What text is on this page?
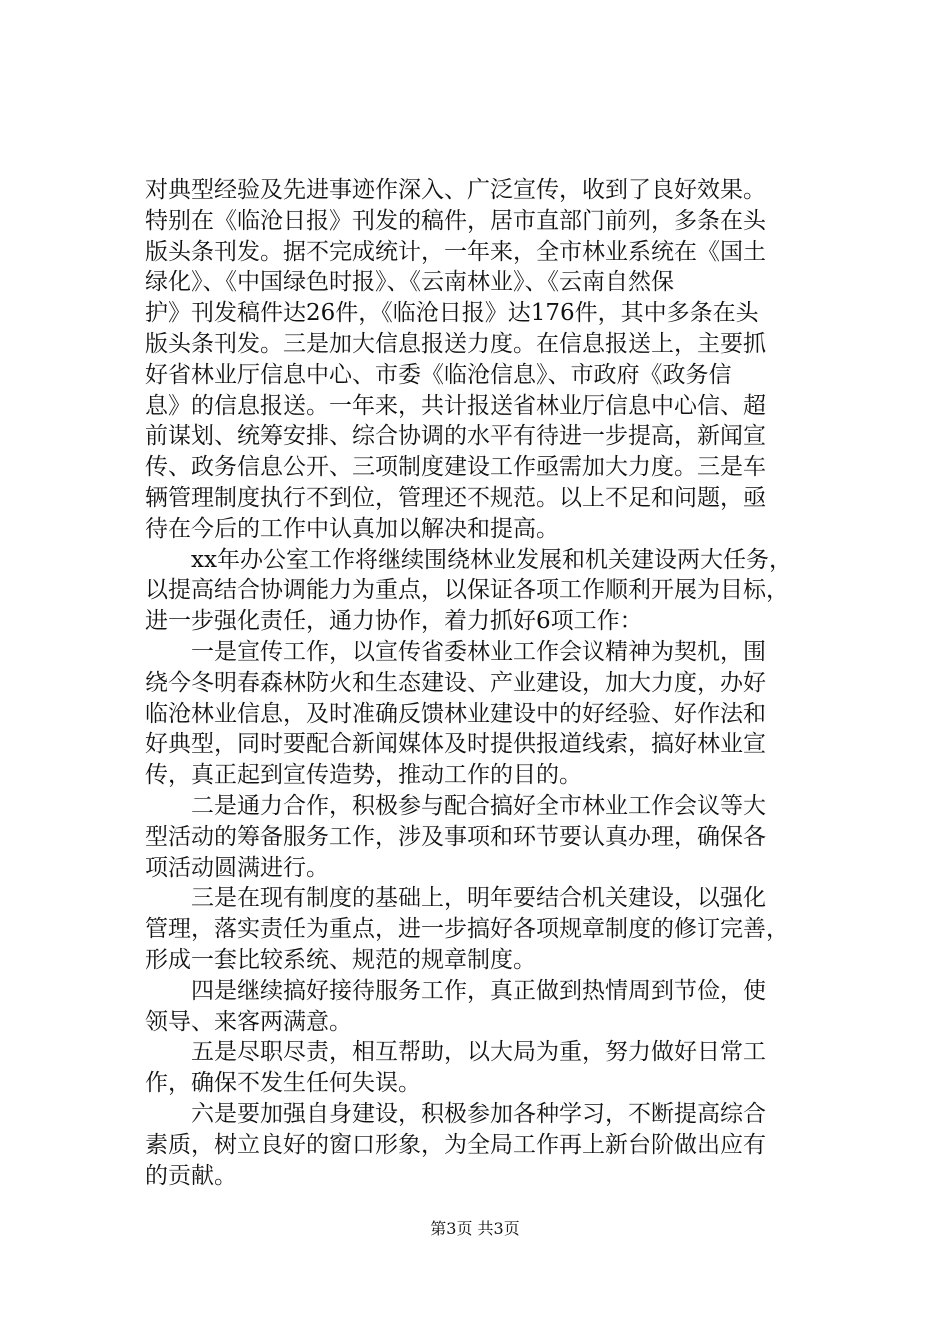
对典型经验及先进事迹作深入、广泛宣传，收到了良好效果。
特别在《临沧日报》刊发的稿件，居市直部门前列，多条在头
版头条刊发。据不完成统计，一年来，全市林业系统在《国土
绿化》、《中国绿色时报》、《云南林业》、《云南自然保
护》刊发稿件达26件，《临沧日报》达176件，其中多条在头
版头条刊发。三是加大信息报送力度。在信息报送上，主要抓
好省林业厅信息中心、市委《临沧信息》、市政府《政务信
息》的信息报送。一年来，共计报送省林业厅信息中心信、超
前谋划、统筹安排、综合协调的水平有待进一步提高，新闻宣
传、政务信息公开、三项制度建设工作亟需加大力度。三是车
辆管理制度执行不到位，管理还不规范。以上不足和问题，亟
待在今后的工作中认真加以解决和提高。
xx年办公室工作将继续围绕林业发展和机关建设两大任务，
以提高结合协调能力为重点，以保证各项工作顺利开展为目标，
进一步强化责任，通力协作，着力抓好6项工作：
一是宣传工作，以宣传省委林业工作会议精神为契机，围
绕今冬明春森林防火和生态建设、产业建设，加大力度，办好
临沧林业信息，及时准确反馈林业建设中的好经验、好作法和
好典型，同时要配合新闻媒体及时提供报道线索，搞好林业宣
传，真正起到宣传造势，推动工作的目的。
二是通力合作，积极参与配合搞好全市林业工作会议等大
型活动的筹备服务工作，涉及事项和环节要认真办理，确保各
项活动圆满进行。
三是在现有制度的基础上，明年要结合机关建设，以强化
管理，落实责任为重点，进一步搞好各项规章制度的修订完善，
形成一套比较系统、规范的规章制度。
四是继续搞好接待服务工作，真正做到热情周到节俭，使
领导、来客两满意。
五是尽职尽责，相互帮助，以大局为重，努力做好日常工
作，确保不发生任何失误。
六是要加强自身建设，积极参加各种学习，不断提高综合
素质，树立良好的窗口形象，为全局工作再上新台阶做出应有
的贡献。
第3页 共3页
